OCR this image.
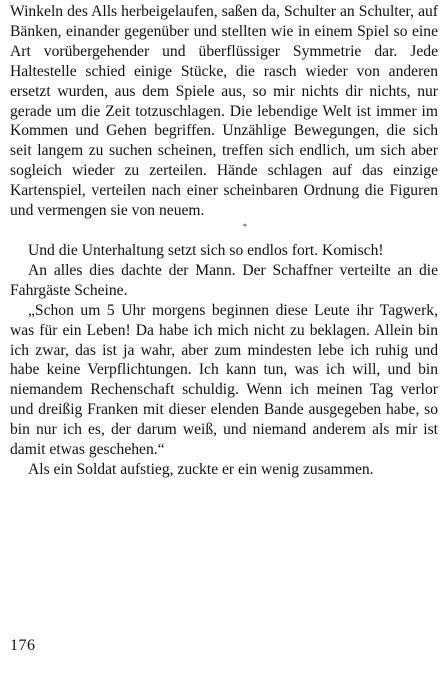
Winkeln des Alls herbeigelaufen, saßen da, Schulter an Schulter, auf Bänken, einander gegenüber und stellten wie in einem Spiel so eine Art vorübergehender und überflüssiger Symmetrie dar. Jede Haltestelle schied einige Stücke, die rasch wieder von anderen ersetzt wurden, aus dem Spiele aus, so mir nichts dir nichts, nur gerade um die Zeit totzuschlagen. Die lebendige Welt ist immer im Kommen und Gehen begriffen. Unzählige Bewegungen, die sich seit langem zu suchen scheinen, treffen sich endlich, um sich aber sogleich wieder zu zerteilen. Hände schlagen auf das einzige Kartenspiel, verteilen nach einer scheinbaren Ordnung die Figuren und vermengen sie von neuem.

*

Und die Unterhaltung setzt sich so endlos fort. Komisch!

An alles dies dachte der Mann. Der Schaffner verteilte an die Fahrgäste Scheine.

„Schon um 5 Uhr morgens beginnen diese Leute ihr Tagwerk, was für ein Leben! Da habe ich mich nicht zu beklagen. Allein bin ich zwar, das ist ja wahr, aber zum mindesten lebe ich ruhig und habe keine Verpflichtungen. Ich kann tun, was ich will, und bin niemandem Rechenschaft schuldig. Wenn ich meinen Tag verlor und dreißig Franken mit dieser elenden Bande ausgegeben habe, so bin nur ich es, der darum weiß, und niemand anderem als mir ist damit etwas geschehen.“

Als ein Soldat aufstieg, zuckte er ein wenig zusammen.

176
